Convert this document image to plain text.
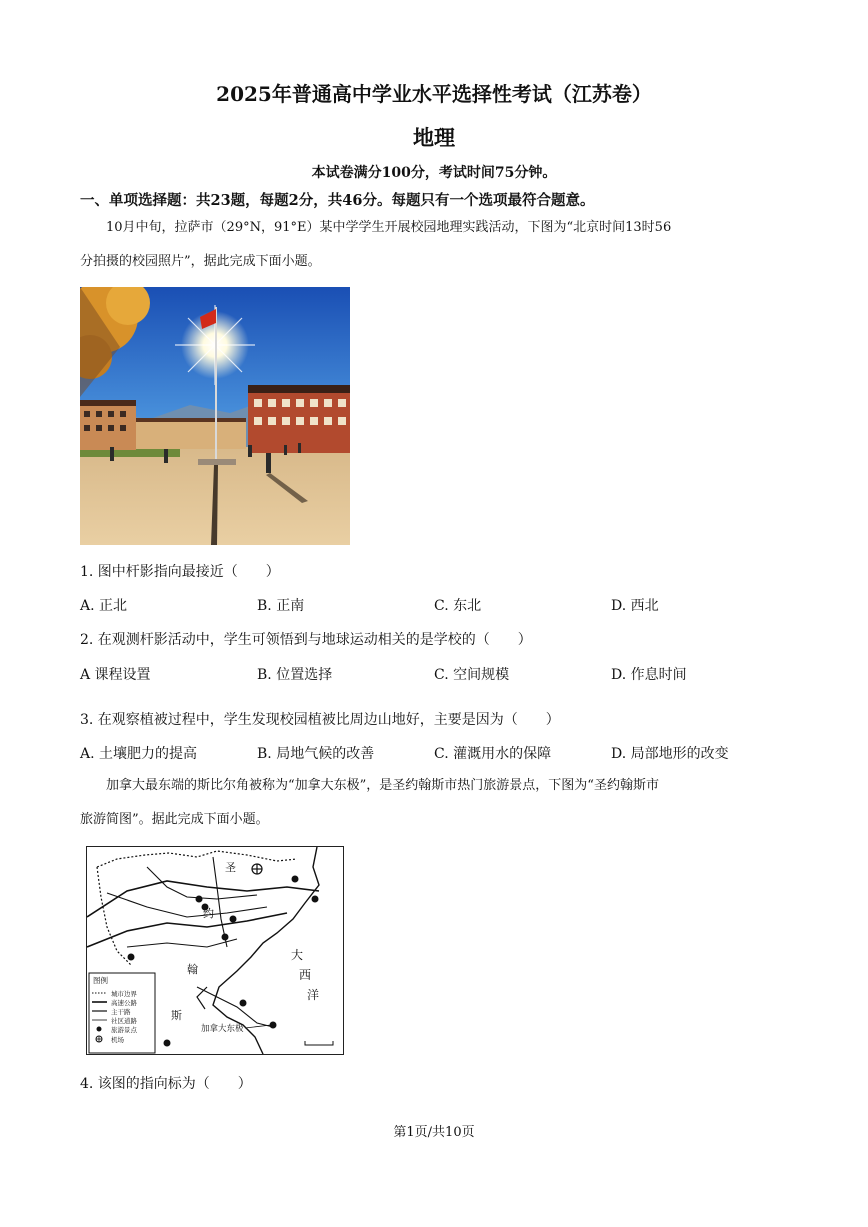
2025年普通高中学业水平选择性考试（江苏卷）
地理
本试卷满分100分，考试时间75分钟。
一、单项选择题：共23题，每题2分，共46分。每题只有一个选项最符合题意。
10月中旬，拉萨市（29°N，91°E）某中学学生开展校园地理实践活动，下图为“北京时间13时56
分拍摄的校园照片”，据此完成下面小题。
1. 图中杆影指向最接近（　　）
A. 正北	B. 正南	C. 东北	D. 西北
2. 在观测杆影活动中，学生可领悟到与地球运动相关的是学校的（　　）
A 课程设置	B. 位置选择	C. 空间规模	D. 作息时间
3. 在观察植被过程中，学生发现校园植被比周边山地好，主要是因为（　　）
A. 土壤肥力的提高	B. 局地气候的改善	C. 灌溉用水的保障	D. 局部地形的改变
加拿大最东端的斯比尔角被称为“加拿大东极”，是圣约翰斯市热门旅游景点，下图为“圣约翰斯市
旅游简图”。据此完成下面小题。
圣
约
翰
斯
大
西
洋
加拿大东极
图例
城市边界
高速公路
主干路
社区道路
旅游景点
机场
4. 该图的指向标为（　　）
第1页/共10页
